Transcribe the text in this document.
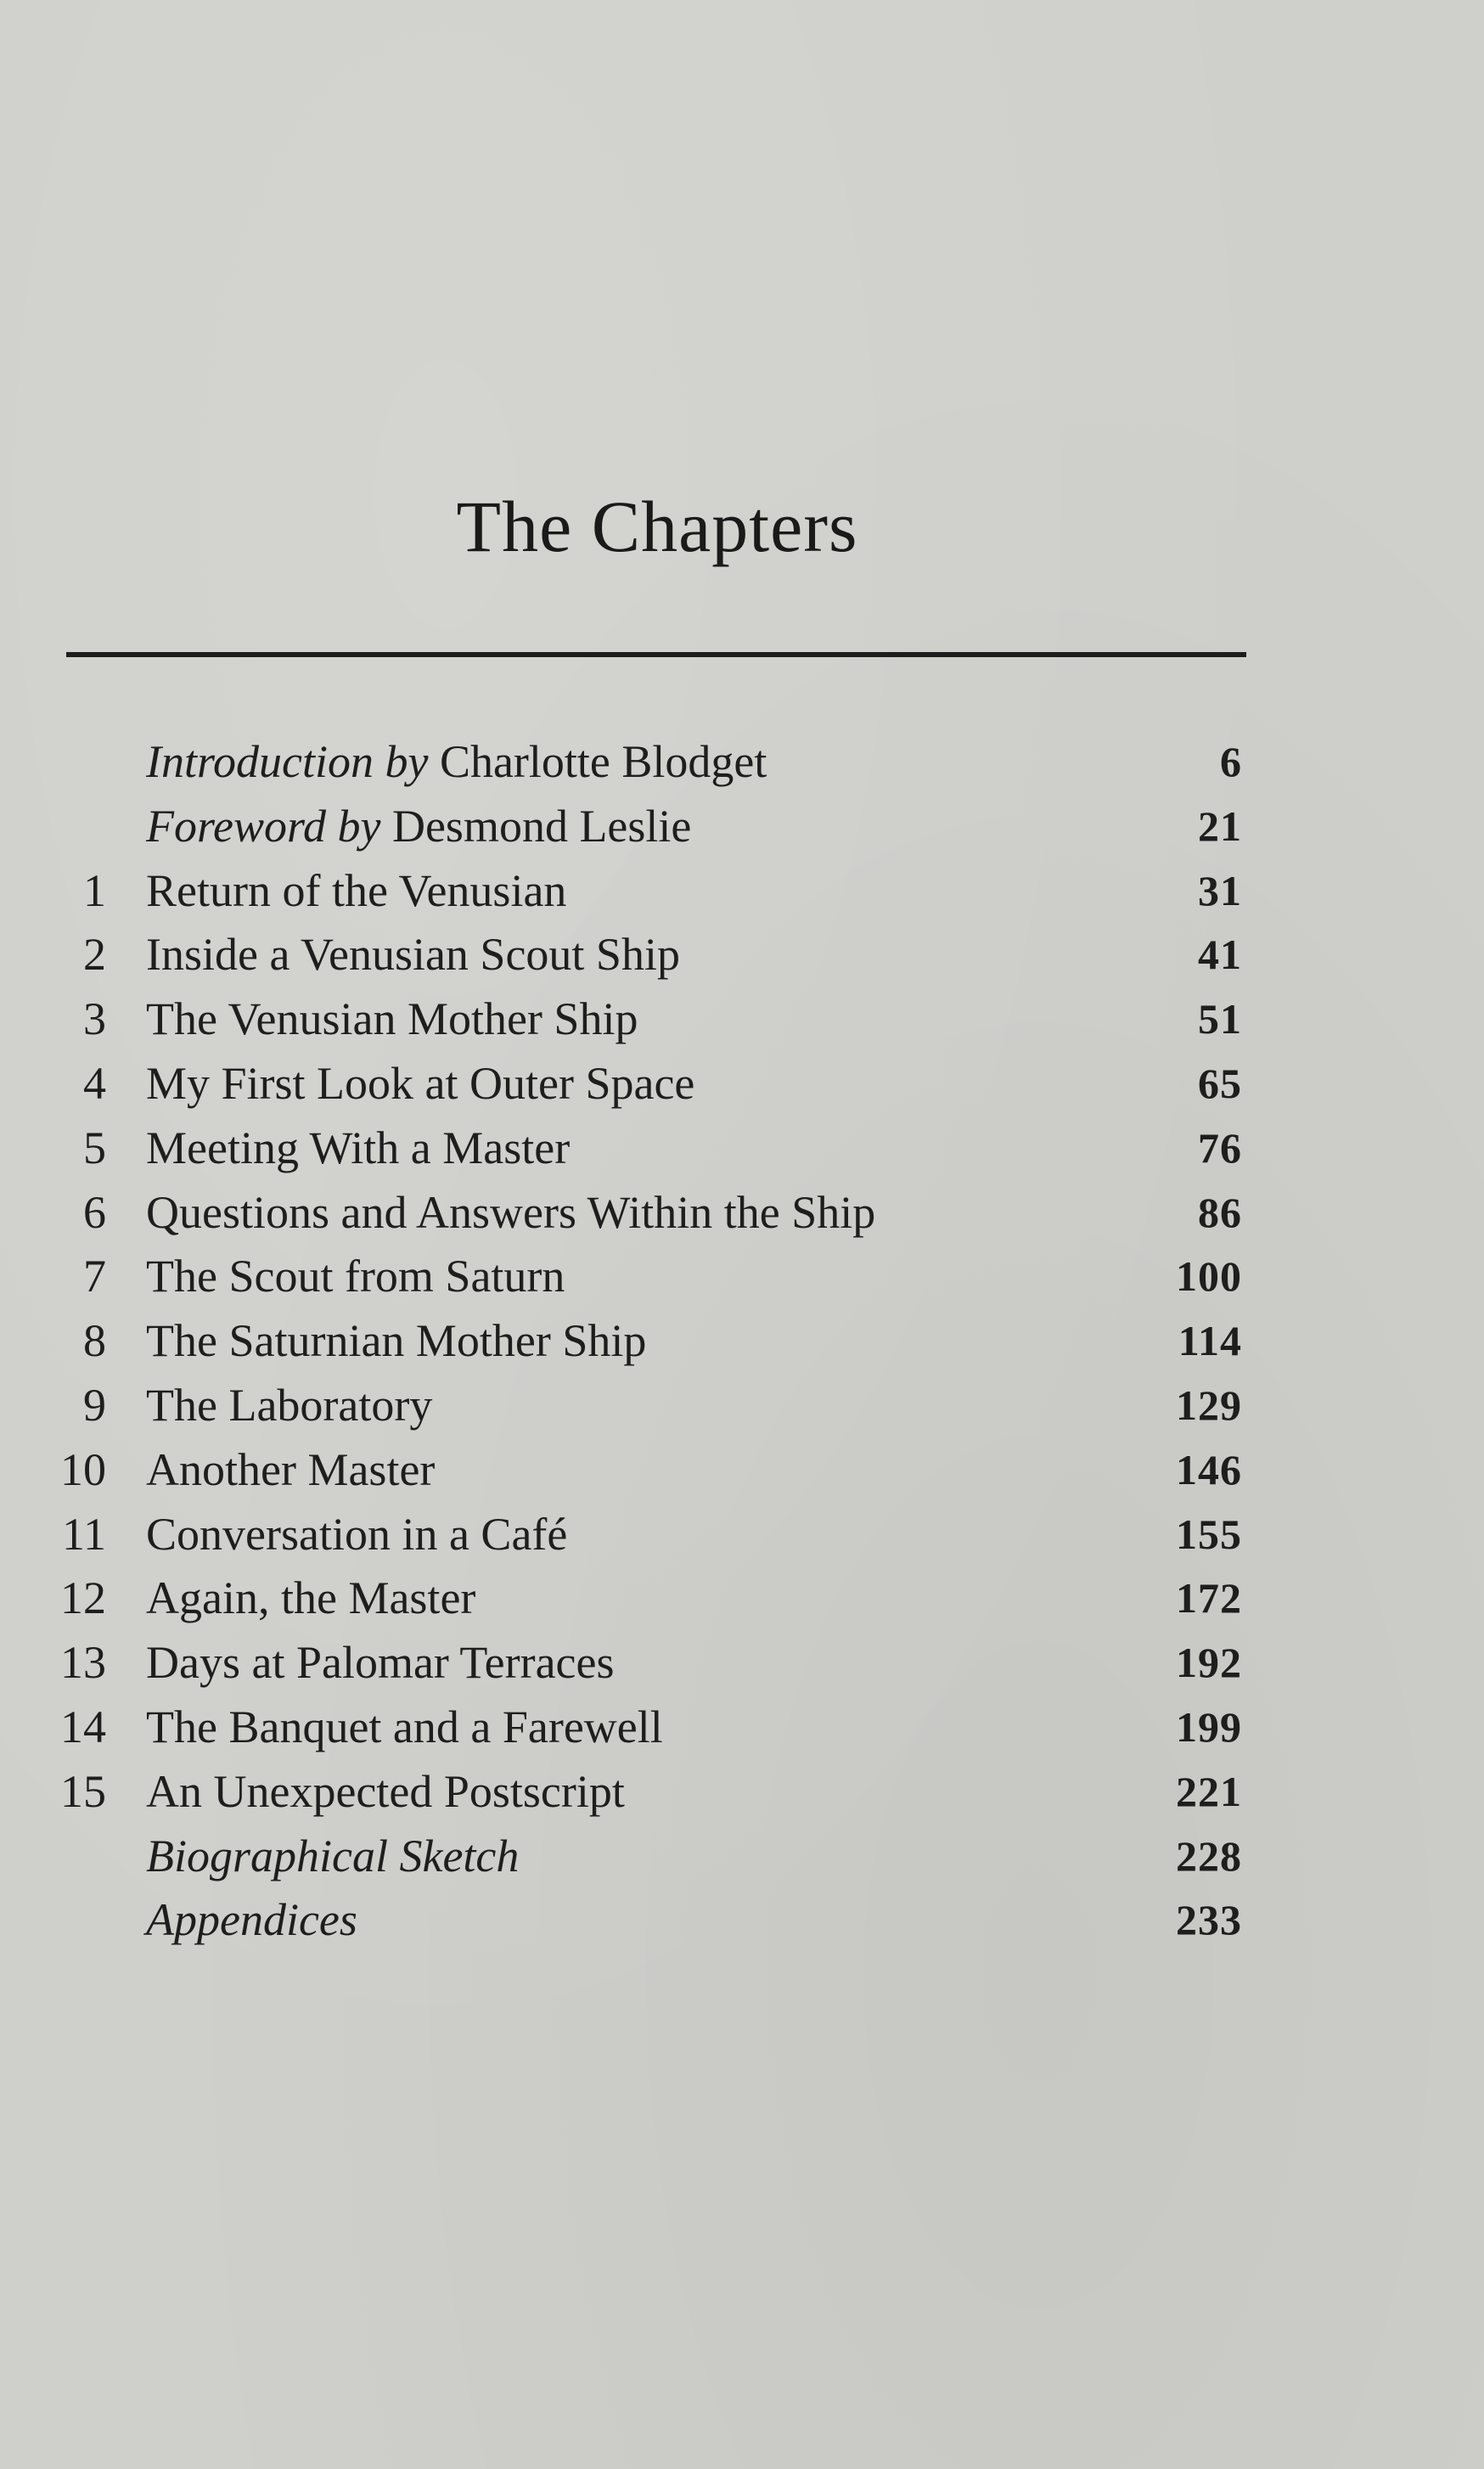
The Chapters
Introduction by Charlotte Blodget	6
Foreword by Desmond Leslie	21
1 Return of the Venusian	31
2 Inside a Venusian Scout Ship	41
3 The Venusian Mother Ship	51
4 My First Look at Outer Space	65
5 Meeting With a Master	76
6 Questions and Answers Within the Ship	86
7 The Scout from Saturn	100
8 The Saturnian Mother Ship	114
9 The Laboratory	129
10 Another Master	146
11 Conversation in a Café	155
12 Again, the Master	172
13 Days at Palomar Terraces	192
14 The Banquet and a Farewell	199
15 An Unexpected Postscript	221
Biographical Sketch	228
Appendices	233
